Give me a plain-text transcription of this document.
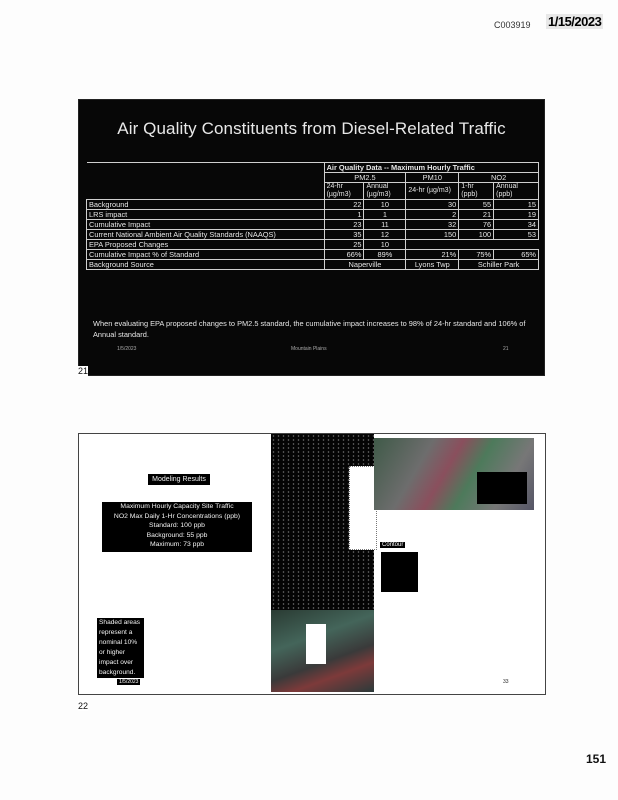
C003919 1/15/2023
Air Quality Constituents from Diesel-Related Traffic
	Air Quality Data -- Maximum Hourly Traffic				
	PM2.5		PM10	NO2	
	24-hr (µg/m3)	Annual (µg/m3)	24-hr (µg/m3)	1-hr (ppb)	Annual (ppb)
Background	22	10	30	55	15
LRS impact	1	1	2	21	19
Cumulative Impact	23	11	32	76	34
Current National Ambient Air Quality Standards (NAAQS)	35	12	150	100	53
EPA Proposed Changes	25	10			
Cumulative Impact % of Standard	66%	89%	21%	75%	65%
Background Source	Naperville		Lyons Twp	Schiller Park	
When evaluating EPA proposed changes to PM2.5 standard, the cumulative impact increases to 98% of 24-hr standard and 106% of Annual standard.
1/5/2023	Mountain Plains	21
21
Modeling Results
Maximum Hourly Capacity Site Traffic
NO2 Max Daily 1-Hr Concentrations (ppb)
Standard: 100 ppb
Background: 55 ppb
Maximum: 73 ppb
Shaded areas
represent a
nominal 10%
or higher
impact over
background.
1/5/2023
Contour
33
22
151
